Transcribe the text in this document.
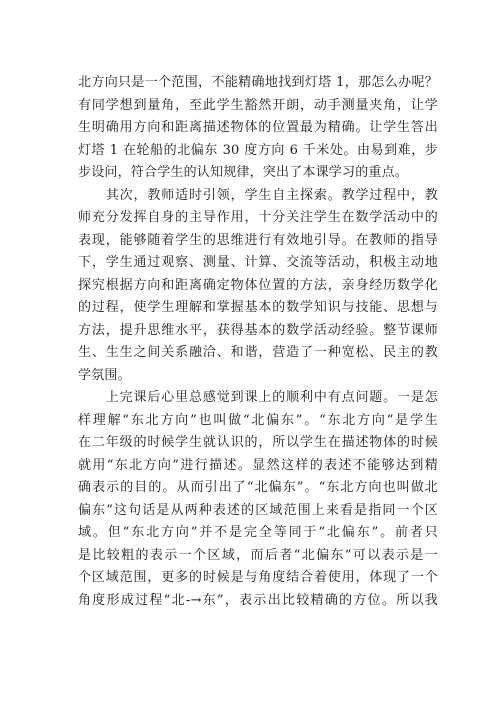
北方向只是一个范围，不能精确地找到灯塔 1，那怎么办呢？
有同学想到量角，至此学生豁然开朗，动手测量夹角，让学
生明确用方向和距离描述物体的位置最为精确。让学生答出
灯塔 1 在轮船的北偏东 30 度方向 6 千米处。由易到难，步
步设问，符合学生的认知规律，突出了本课学习的重点。

　　其次，教师适时引领，学生自主探索。教学过程中，教
师充分发挥自身的主导作用，十分关注学生在数学活动中的
表现，能够随着学生的思维进行有效地引导。在教师的指导
下，学生通过观察、测量、计算、交流等活动，积极主动地
探究根据方向和距离确定物体位置的方法，亲身经历数学化
的过程，使学生理解和掌握基本的数学知识与技能、思想与
方法，提升思维水平，获得基本的数学活动经验。整节课师
生、生生之间关系融洽、和谐，营造了一种宽松、民主的教
学氛围。

　　上完课后心里总感觉到课上的顺利中有点问题。一是怎
样理解“东北方向”也叫做“北偏东”。“东北方向”是学生
在二年级的时候学生就认识的，所以学生在描述物体的时候
就用“东北方向”进行描述。显然这样的表述不能够达到精
确表示的目的。从而引出了“北偏东”。“东北方向也叫做北
偏东”这句话是从两种表述的区域范围上来看是指同一个区
域。但“东北方向”并不是完全等同于“北偏东”。前者只
是比较粗的表示一个区域，而后者“北偏东”可以表示是一
个区域范围，更多的时候是与角度结合着使用，体现了一个
角度形成过程“北-→东”，表示出比较精确的方位。所以我
